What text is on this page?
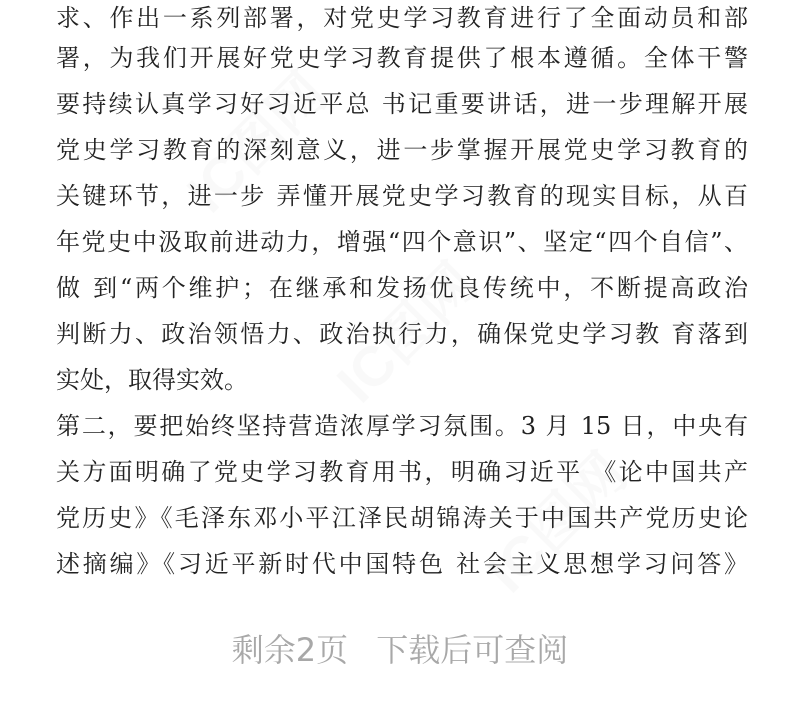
IC图网
IC图网
IC图网
求、作出一系列部署，对党史学习教育进行了全面动员和部
署，为我们开展好党史学习教育提供了根本遵循。全体干警
要持续认真学习好习近平总 书记重要讲话，进一步理解开展
党史学习教育的深刻意义，进一步掌握开展党史学习教育的
关键环节，进一步 弄懂开展党史学习教育的现实目标，从百
年党史中汲取前进动力，增强“四个意识”、坚定“四个自信”、
做 到“两个维护；在继承和发扬优良传统中，不断提高政治
判断力、政治领悟力、政治执行力，确保党史学习教 育落到
实处，取得实效。
第二，要把始终坚持营造浓厚学习氛围。3 月 15 日，中央有
关方面明确了党史学习教育用书，明确习近平 《论中国共产
党历史》《毛泽东邓小平江泽民胡锦涛关于中国共产党历史论
述摘编》《习近平新时代中国特色 社会主义思想学习问答》
剩余2页 下载后可查阅
